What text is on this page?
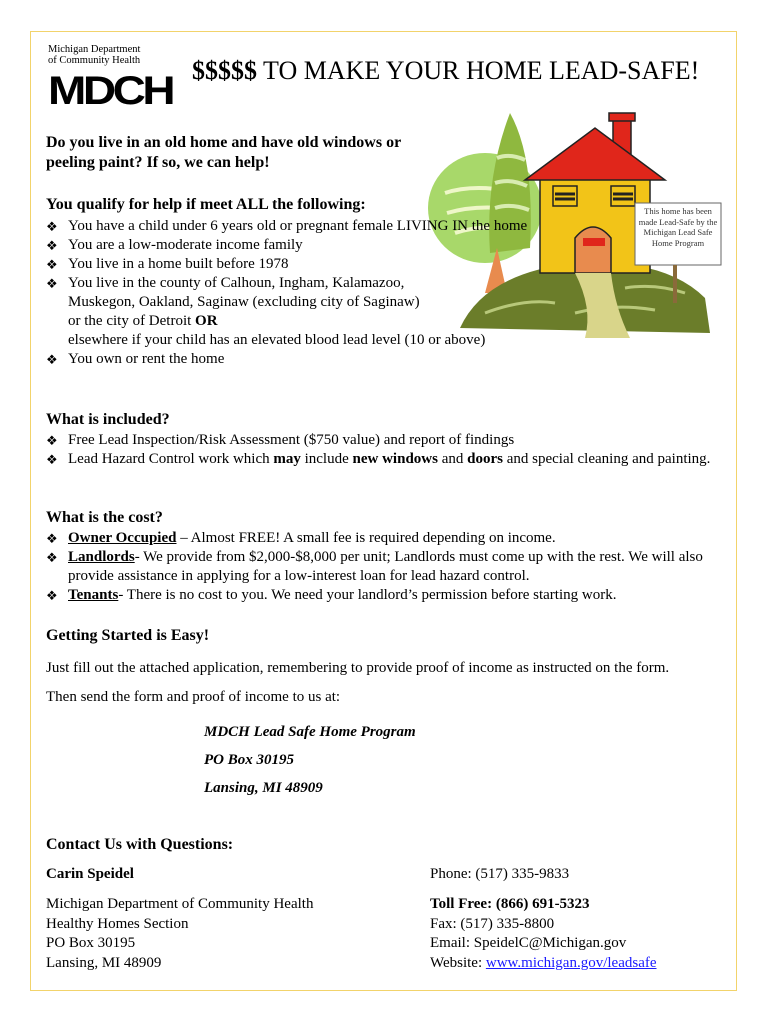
Michigan Department
of Community Health
MDCH $$$$$ TO MAKE YOUR HOME LEAD-SAFE!
Do you live in an old home and have old windows or peeling paint? If so, we can help!
This home has been made Lead-Safe by the Michigan Lead Safe Home Program
You qualify for help if meet ALL the following:
❖ You have a child under 6 years old or pregnant female LIVING IN the home
❖ You are a low-moderate income family
❖ You live in a home built before 1978
❖ You live in the county of Calhoun, Ingham, Kalamazoo, Muskegon, Oakland, Saginaw (excluding city of Saginaw) or the city of Detroit ORelsewhere if your child has an elevated blood lead level (10 or above)
❖ You own or rent the home
What is included?
❖ Free Lead Inspection/Risk Assessment ($750 value) and report of findings
❖ Lead Hazard Control work which may include new windows and doors and special cleaning and painting.
What is the cost?
❖ Owner Occupied – Almost FREE! A small fee is required depending on income.
❖ Landlords- We provide from $2,000-$8,000 per unit; Landlords must come up with the rest. We will also provide assistance in applying for a low-interest loan for lead hazard control.
❖ Tenants- There is no cost to you. We need your landlord’s permission before starting work.
Getting Started is Easy!
Just fill out the attached application, remembering to provide proof of income as instructed on the form.
Then send the form and proof of income to us at:
MDCH Lead Safe Home Program
PO Box 30195
Lansing, MI 48909
Contact Us with Questions:
Carin Speidel
Michigan Department of Community Health
Healthy Homes Section
PO Box 30195
Lansing, MI 48909
Phone: (517) 335-9833
Toll Free: (866) 691-5323
Fax: (517) 335-8800
Email: SpeidelC@Michigan.gov
Website: www.michigan.gov/leadsafe
